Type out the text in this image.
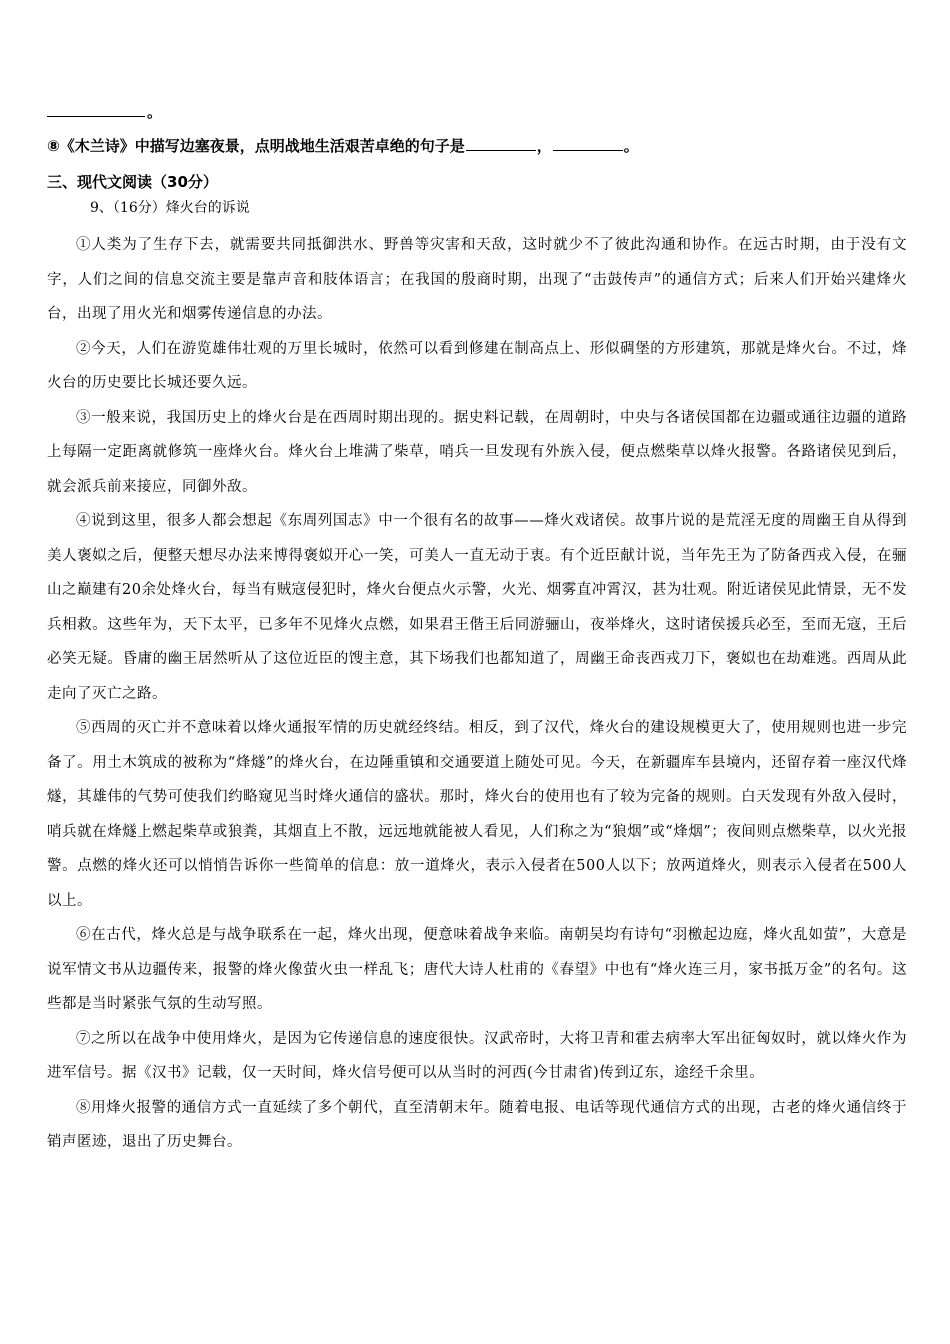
。
⑧《木兰诗》中描写边塞夜景，点明战地生活艰苦卓绝的句子是	，	。
三、现代文阅读（30分）
9、（16分）烽火台的诉说

①人类为了生存下去，就需要共同抵御洪水、野兽等灾害和天敌，这时就少不了彼此沟通和协作。在远古时期，由于没有文字，人们之间的信息交流主要是靠声音和肢体语言；在我国的殷商时期，出现了“击鼓传声”的通信方式；后来人们开始兴建烽火台，出现了用火光和烟雾传递信息的办法。

②今天，人们在游览雄伟壮观的万里长城时，依然可以看到修建在制高点上、形似碉堡的方形建筑，那就是烽火台。不过，烽火台的历史要比长城还要久远。

③一般来说，我国历史上的烽火台是在西周时期出现的。据史料记载，在周朝时，中央与各诸侯国都在边疆或通往边疆的道路上每隔一定距离就修筑一座烽火台。烽火台上堆满了柴草，哨兵一旦发现有外族入侵，便点燃柴草以烽火报警。各路诸侯见到后，就会派兵前来接应，同御外敌。

④说到这里，很多人都会想起《东周列国志》中一个很有名的故事——烽火戏诸侯。故事片说的是荒淫无度的周幽王自从得到美人褒姒之后，便整天想尽办法来博得褒姒开心一笑，可美人一直无动于衷。有个近臣献计说，当年先王为了防备西戎入侵，在骊山之巅建有20余处烽火台，每当有贼寇侵犯时，烽火台便点火示警，火光、烟雾直冲霄汉，甚为壮观。附近诸侯见此情景，无不发兵相救。这些年为，天下太平，已多年不见烽火点燃，如果君王偕王后同游骊山，夜举烽火，这时诸侯援兵必至，至而无寇，王后必笑无疑。昏庸的幽王居然听从了这位近臣的馊主意，其下场我们也都知道了，周幽王命丧西戎刀下，褒姒也在劫难逃。西周从此走向了灭亡之路。

⑤西周的灭亡并不意味着以烽火通报军情的历史就经终结。相反，到了汉代，烽火台的建设规模更大了，使用规则也进一步完备了。用土木筑成的被称为“烽燧”的烽火台，在边陲重镇和交通要道上随处可见。今天，在新疆库车县境内，还留存着一座汉代烽燧，其雄伟的气势可使我们约略窥见当时烽火通信的盛状。那时，烽火台的使用也有了较为完备的规则。白天发现有外敌入侵时，哨兵就在烽燧上燃起柴草或狼粪，其烟直上不散，远远地就能被人看见，人们称之为“狼烟”或“烽烟”；夜间则点燃柴草，以火光报警。点燃的烽火还可以悄悄告诉你一些简单的信息：放一道烽火，表示入侵者在500人以下；放两道烽火，则表示入侵者在500人以上。

⑥在古代，烽火总是与战争联系在一起，烽火出现，便意味着战争来临。南朝吴均有诗句“羽檄起边庭，烽火乱如萤”，大意是说军情文书从边疆传来，报警的烽火像萤火虫一样乱飞；唐代大诗人杜甫的《春望》中也有“烽火连三月，家书抵万金”的名句。这些都是当时紧张气氛的生动写照。

⑦之所以在战争中使用烽火，是因为它传递信息的速度很快。汉武帝时，大将卫青和霍去病率大军出征匈奴时，就以烽火作为进军信号。据《汉书》记载，仅一天时间，烽火信号便可以从当时的河西(今甘肃省)传到辽东，途经千余里。

⑧用烽火报警的通信方式一直延续了多个朝代，直至清朝末年。随着电报、电话等现代通信方式的出现，古老的烽火通信终于销声匿迹，退出了历史舞台。
